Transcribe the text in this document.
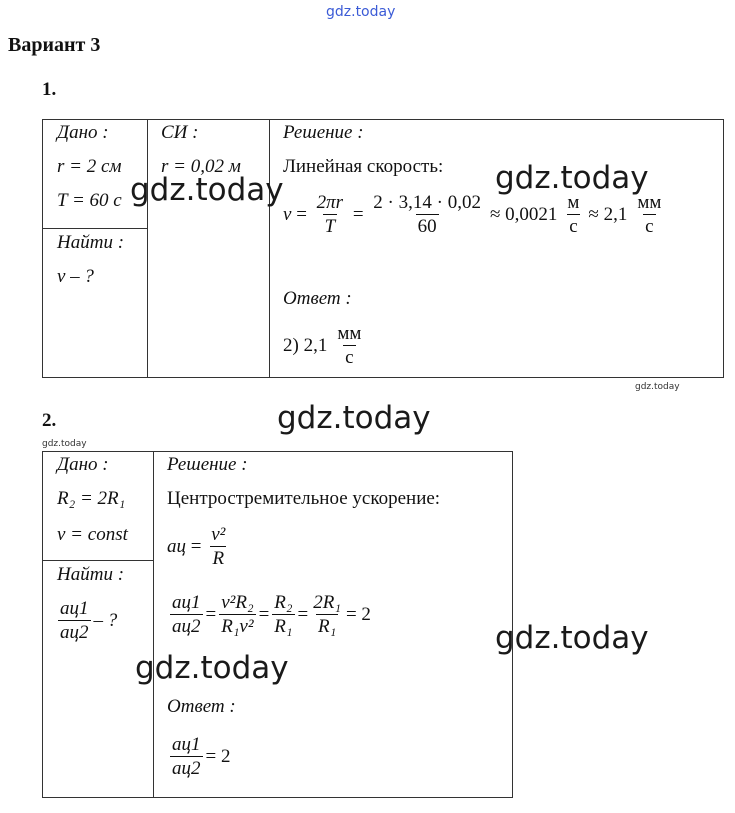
gdz.today
Вариант 3
1.
Дано :
r = 2 см
T = 60 с
Найти :
v – ?
СИ :
r = 0,02 м
Решение :
Линейная скорость:
$v = \frac{2\pi r}{T} = \frac{2 \cdot 3,14 \cdot 0,02}{60} \approx 0,0021 \frac{м}{с} \approx 2,1 \frac{мм}{с}$
Ответ :
2) $2,1 \frac{мм}{с}$
2.
Дано :
R₂ = 2R₁
v = const
Найти :
$\frac{aц1}{aц2}$ – ?
Решение :
Центростремительное ускорение:
aц = $\frac{\text{v²}}{R}$
$\frac{aц1}{aц2} = \frac{\text{v²R₂}}{\text{R₁v²}} = \frac{\text{R₂}}{\text{R₁}} = \frac{\text{2R₁}}{\text{R₁}} = 2$
Ответ :
$\frac{aц1}{aц2} = 2$
gdz.today	gdz.today
gdz.today
gdz.today
gdz.today
gdz.today
gdz.today
